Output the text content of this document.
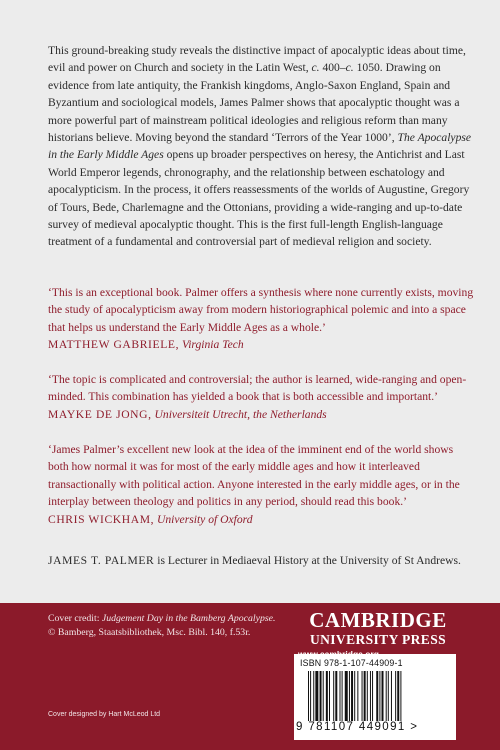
This ground-breaking study reveals the distinctive impact of apocalyptic ideas about time, evil and power on Church and society in the Latin West, c. 400–c. 1050. Drawing on evidence from late antiquity, the Frankish kingdoms, Anglo-Saxon England, Spain and Byzantium and sociological models, James Palmer shows that apocalyptic thought was a more powerful part of mainstream political ideologies and religious reform than many historians believe. Moving beyond the standard ‘Terrors of the Year 1000’, The Apocalypse in the Early Middle Ages opens up broader perspectives on heresy, the Antichrist and Last World Emperor legends, chronography, and the relationship between eschatology and apocalypticism. In the process, it offers reassessments of the worlds of Augustine, Gregory of Tours, Bede, Charlemagne and the Ottonians, providing a wide-ranging and up-to-date survey of medieval apocalyptic thought. This is the first full-length English-language treatment of a fundamental and controversial part of medieval religion and society.

‘This is an exceptional book. Palmer offers a synthesis where none currently exists, moving the study of apocalypticism away from modern historiographical polemic and into a space that helps us understand the Early Middle Ages as a whole.’

MATTHEW GABRIELE, Virginia Tech

‘The topic is complicated and controversial; the author is learned, wide-ranging and open-minded. This combination has yielded a book that is both accessible and important.’

MAYKE DE JONG, Universiteit Utrecht, the Netherlands

‘James Palmer’s excellent new look at the idea of the imminent end of the world shows both how normal it was for most of the early middle ages and how it interleaved transactionally with political action. Anyone interested in the early middle ages, or in the interplay between theology and politics in any period, should read this book.’

CHRIS WICKHAM, University of Oxford

JAMES T. PALMER is Lecturer in Mediaeval History at the University of St Andrews.
Cover credit: Judgement Day in the Bamberg Apocalypse. © Bamberg, Staatsbibliothek, Msc. Bibl. 140, f.53r.
Cover designed by Hart McLeod Ltd
CAMBRIDGE
UNIVERSITY PRESS
ISBN 978-1-107-44909-1
9 781107 449091 >
